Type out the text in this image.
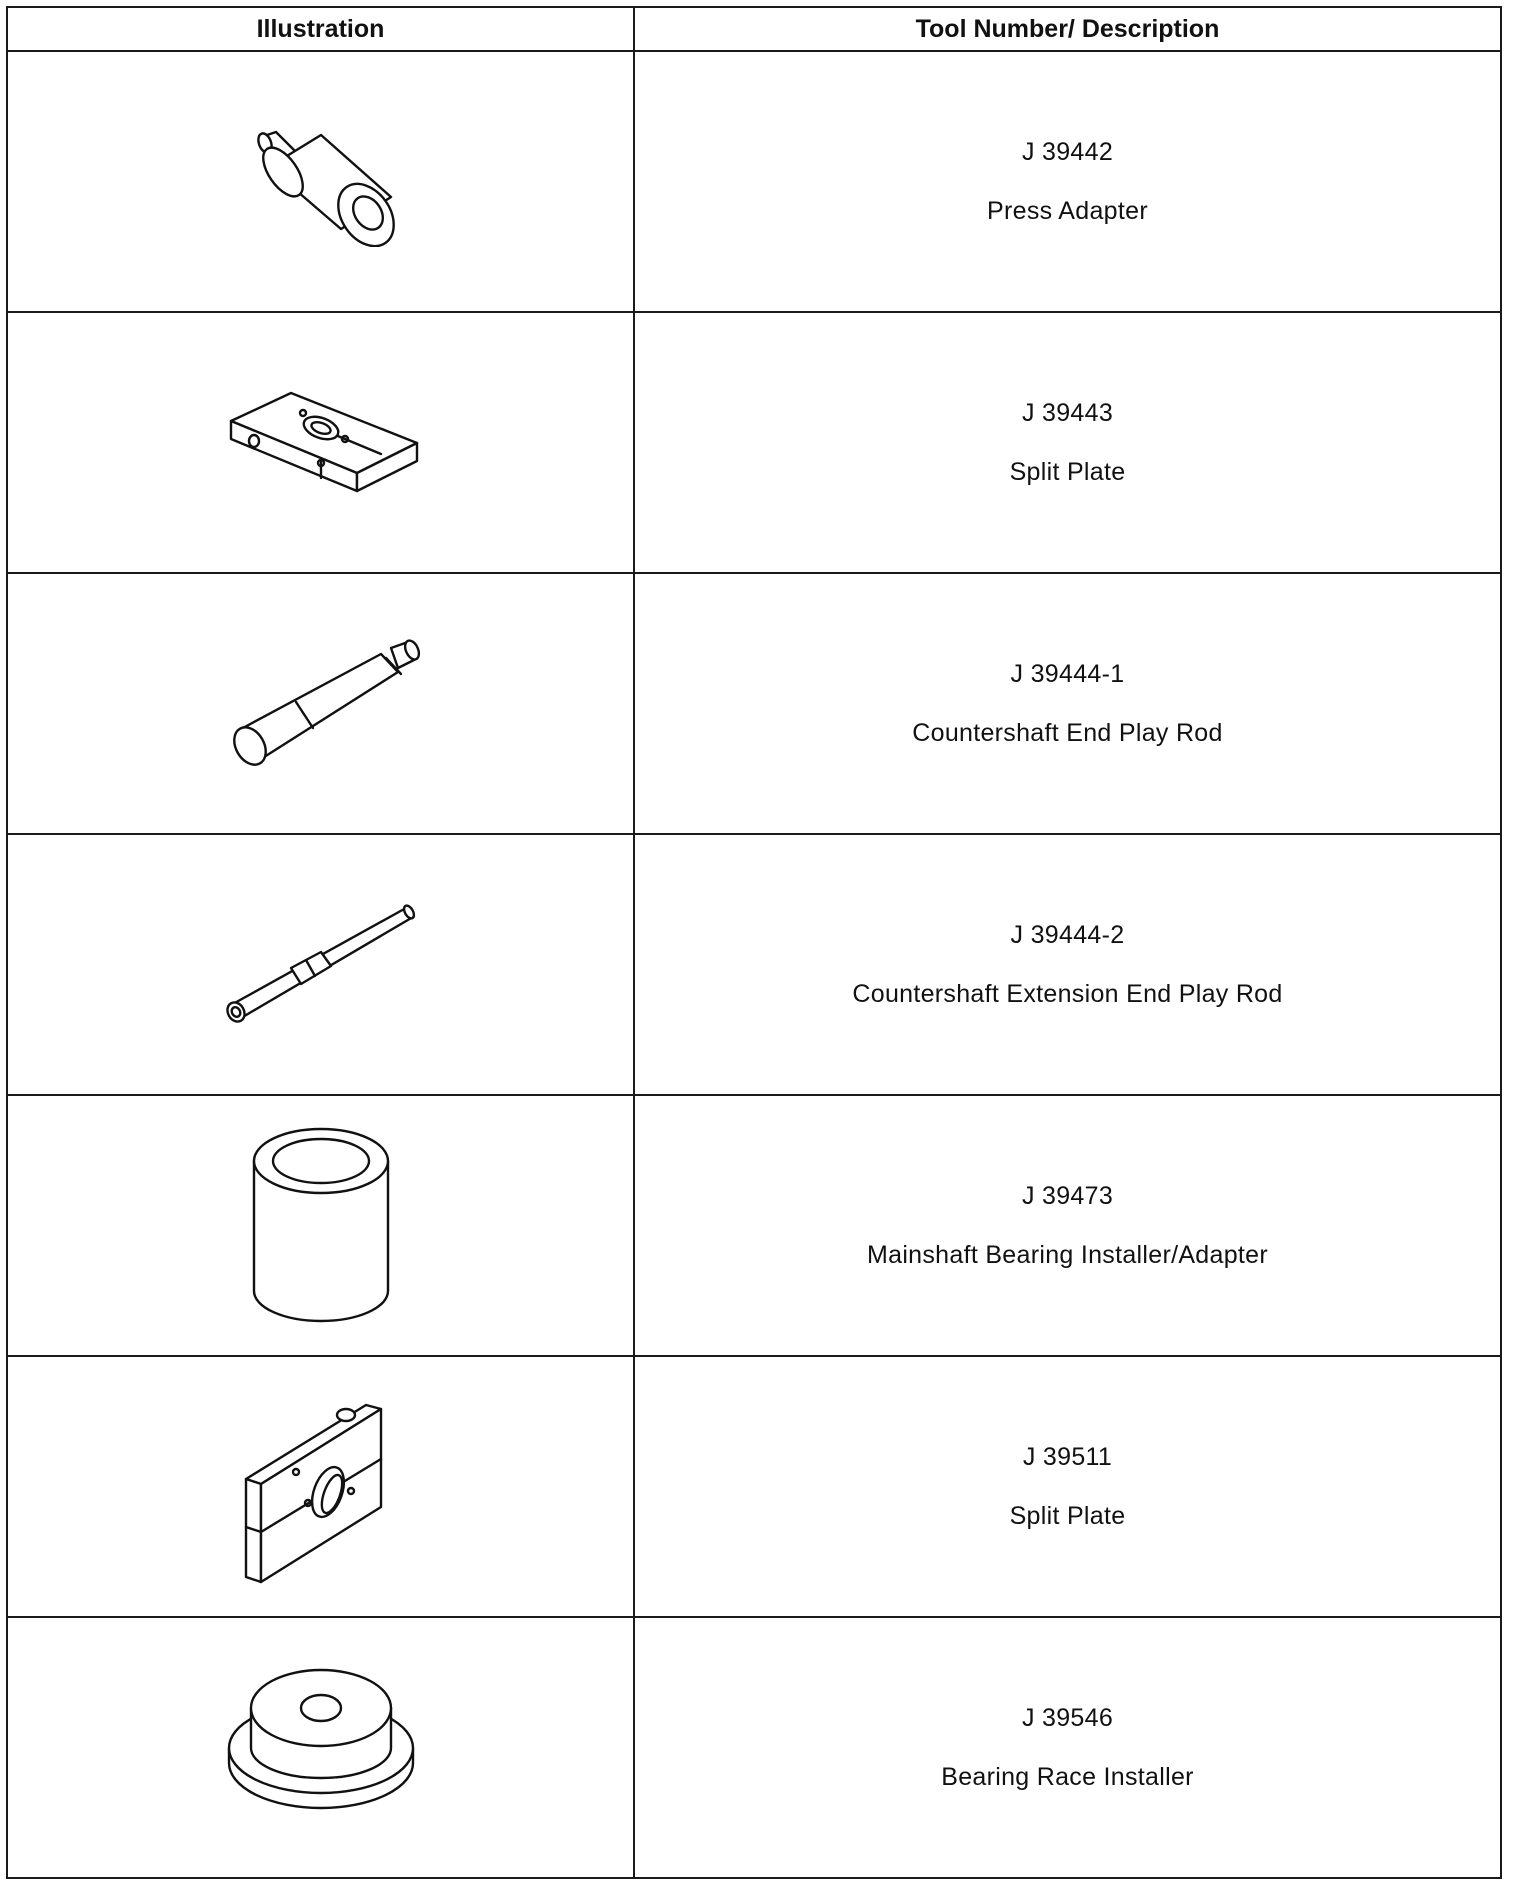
Illustration	Tool Number/ Description

J 39442
Press Adapter

J 39443
Split Plate

J 39444-1
Countershaft End Play Rod

J 39444-2
Countershaft Extension End Play Rod

J 39473
Mainshaft Bearing Installer/Adapter

J 39511
Split Plate

J 39546
Bearing Race Installer
